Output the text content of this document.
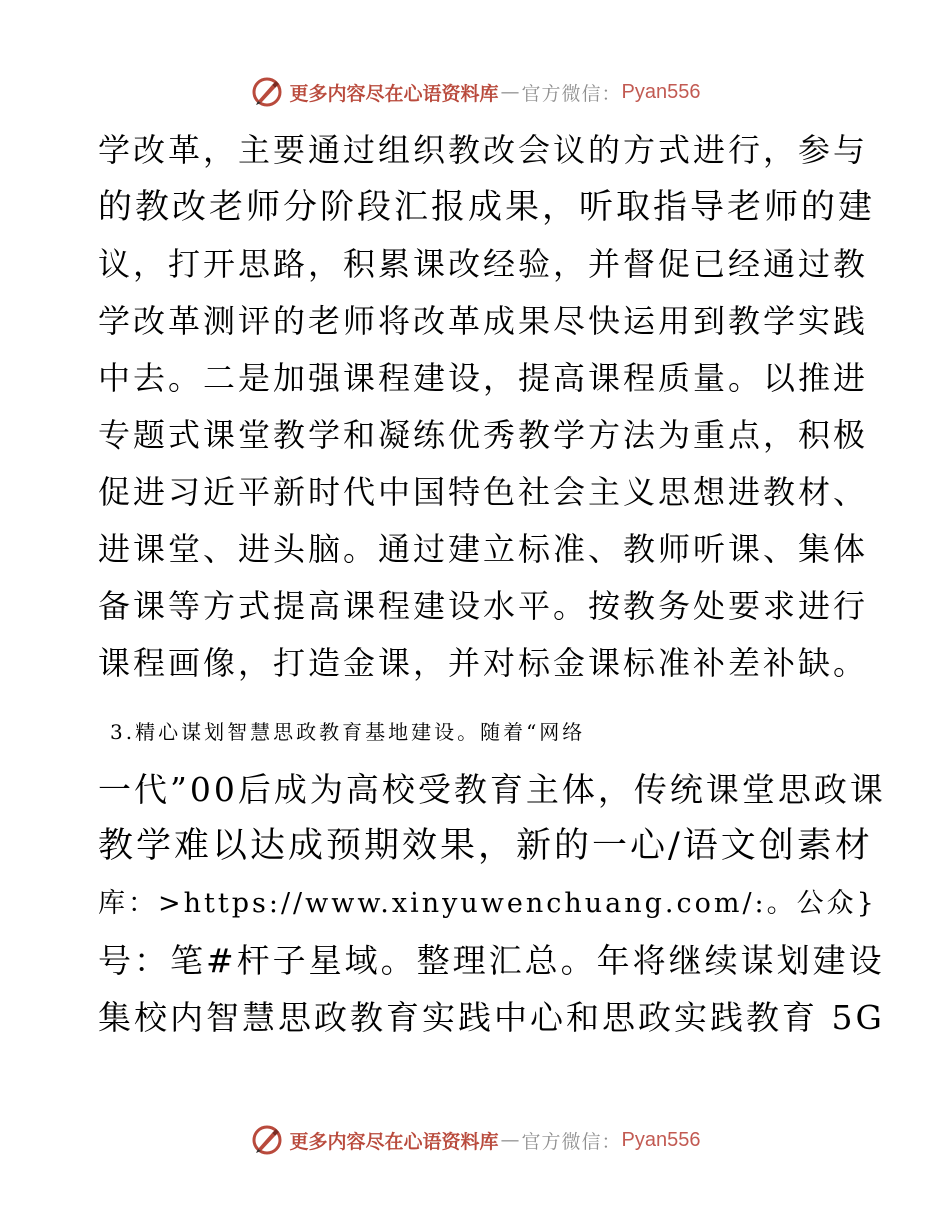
更多内容尽在心语资料库 — 官方微信： Pyan556
学改革，主要通过组织教改会议的方式进行，参与
的教改老师分阶段汇报成果，听取指导老师的建
议，打开思路，积累课改经验，并督促已经通过教
学改革测评的老师将改革成果尽快运用到教学实践
中去。二是加强课程建设，提高课程质量。以推进
专题式课堂教学和凝练优秀教学方法为重点，积极
促进习近平新时代中国特色社会主义思想进教材、
进课堂、进头脑。通过建立标准、教师听课、集体
备课等方式提高课程建设水平。按教务处要求进行
课程画像，打造金课，并对标金课标准补差补缺。
3.精心谋划智慧思政教育基地建设。随着“网络
一代”00后成为高校受教育主体，传统课堂思政课
教学难以达成预期效果，新的一心/语文创素材
库：>https://www.xinyuwenchuang.com/:。公众}
号：笔#杆子星域。整理汇总。年将继续谋划建设
集校内智慧思政教育实践中心和思政实践教育 5G
更多内容尽在心语资料库 — 官方微信： Pyan556
